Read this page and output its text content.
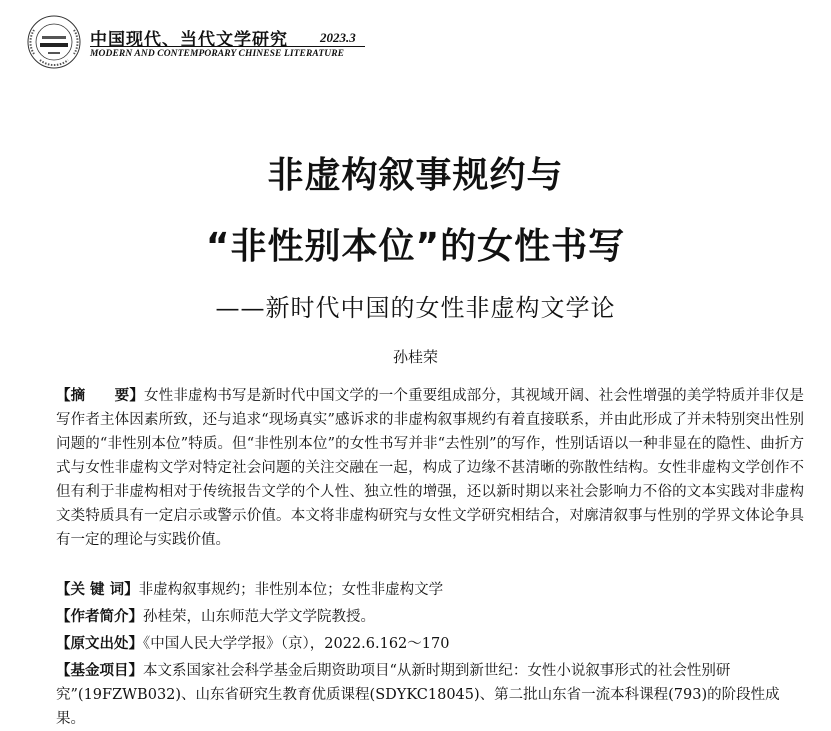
中国现代、当代文学研究 2023.3
MODERN AND CONTEMPORARY CHINESE LITERATURE
非虚构叙事规约与
“非性别本位”的女性书写
——新时代中国的女性非虚构文学论
孙桂荣
【摘　　要】女性非虚构书写是新时代中国文学的一个重要组成部分，其视域开阔、社会性增强的美学特质并非仅是写作者主体因素所致，还与追求“现场真实”感诉求的非虚构叙事规约有着直接联系，并由此形成了并未特别突出性别问题的“非性别本位”特质。但“非性别本位”的女性书写并非“去性别”的写作，性别话语以一种非显在的隐性、曲折方式与女性非虚构文学对特定社会问题的关注交融在一起，构成了边缘不甚清晰的弥散性结构。女性非虚构文学创作不但有利于非虚构相对于传统报告文学的个人性、独立性的增强，还以新时期以来社会影响力不俗的文本实践对非虚构文类特质具有一定启示或警示价值。本文将非虚构研究与女性文学研究相结合，对廓清叙事与性别的学界文体论争具有一定的理论与实践价值。
【关 键 词】非虚构叙事规约；非性别本位；女性非虚构文学
【作者简介】孙桂荣，山东师范大学文学院教授。
【原文出处】《中国人民大学学报》（京），2022.6.162～170
【基金项目】本文系国家社会科学基金后期资助项目“从新时期到新世纪：女性小说叙事形式的社会性别研究”(19FZWB032)、山东省研究生教育优质课程(SDYKC18045)、第二批山东省一流本科课程(793)的阶段性成果。
